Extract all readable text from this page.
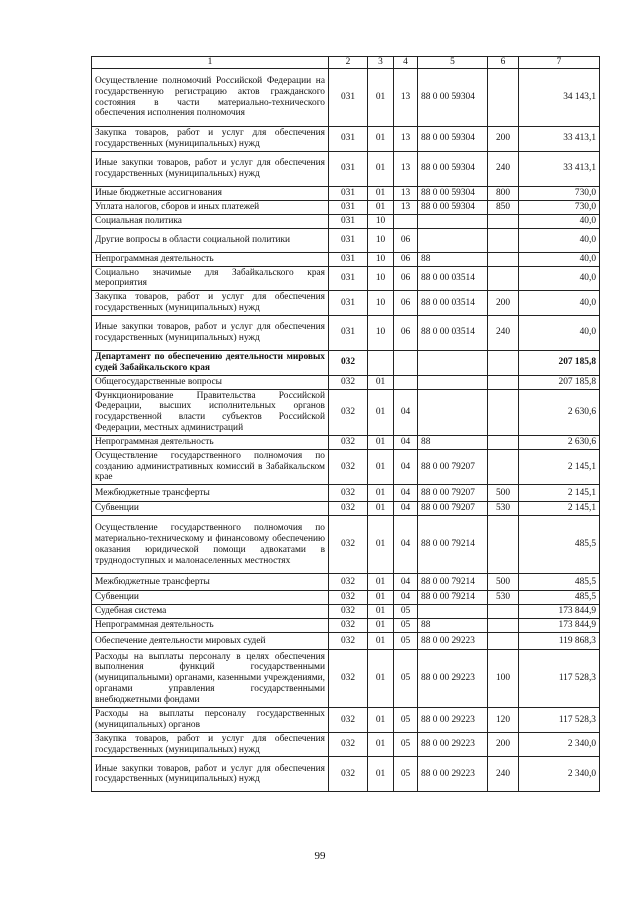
1	2	3	4	5	6	7
Осуществление полномочий Российской Федерации на государственную регистрацию актов гражданского состояния в части материально-технического обеспечения исполнения полномочия	031	01	13	88 0 00 59304		34 143,1
Закупка товаров, работ и услуг для обеспечения государственных (муниципальных) нужд	031	01	13	88 0 00 59304	200	33 413,1
Иные закупки товаров, работ и услуг для обеспечения государственных (муниципальных) нужд	031	01	13	88 0 00 59304	240	33 413,1
Иные бюджетные ассигнования	031	01	13	88 0 00 59304	800	730,0
Уплата налогов, сборов и иных платежей	031	01	13	88 0 00 59304	850	730,0
Социальная политика	031	10				40,0
Другие вопросы в области социальной политики	031	10	06			40,0
Непрограммная деятельность	031	10	06	88		40,0
Социально значимые для Забайкальского края мероприятия	031	10	06	88 0 00 03514		40,0
Закупка товаров, работ и услуг для обеспечения государственных (муниципальных) нужд	031	10	06	88 0 00 03514	200	40,0
Иные закупки товаров, работ и услуг для обеспечения государственных (муниципальных) нужд	031	10	06	88 0 00 03514	240	40,0
Департамент по обеспечению деятельности мировых судей Забайкальского края	032					207 185,8
Общегосударственные вопросы	032	01				207 185,8
Функционирование Правительства Российской Федерации, высших исполнительных органов государственной власти субъектов Российской Федерации, местных администраций	032	01	04			2 630,6
Непрограммная деятельность	032	01	04	88		2 630,6
Осуществление государственного полномочия по созданию административных комиссий в Забайкальском крае	032	01	04	88 0 00 79207		2 145,1
Межбюджетные трансферты	032	01	04	88 0 00 79207	500	2 145,1
Субвенции	032	01	04	88 0 00 79207	530	2 145,1
Осуществление государственного полномочия по материально-техническому и финансовому обеспечению оказания юридической помощи адвокатами в труднодоступных и малонаселенных местностях	032	01	04	88 0 00 79214		485,5
Межбюджетные трансферты	032	01	04	88 0 00 79214	500	485,5
Субвенции	032	01	04	88 0 00 79214	530	485,5
Судебная система	032	01	05			173 844,9
Непрограммная деятельность	032	01	05	88		173 844,9
Обеспечение деятельности мировых судей	032	01	05	88 0 00 29223		119 868,3
Расходы на выплаты персоналу в целях обеспечения выполнения функций государственными (муниципальными) органами, казенными учреждениями, органами управления государственными внебюджетными фондами	032	01	05	88 0 00 29223	100	117 528,3
Расходы на выплаты персоналу государственных (муниципальных) органов	032	01	05	88 0 00 29223	120	117 528,3
Закупка товаров, работ и услуг для обеспечения государственных (муниципальных) нужд	032	01	05	88 0 00 29223	200	2 340,0
Иные закупки товаров, работ и услуг для обеспечения государственных (муниципальных) нужд	032	01	05	88 0 00 29223	240	2 340,0
99
